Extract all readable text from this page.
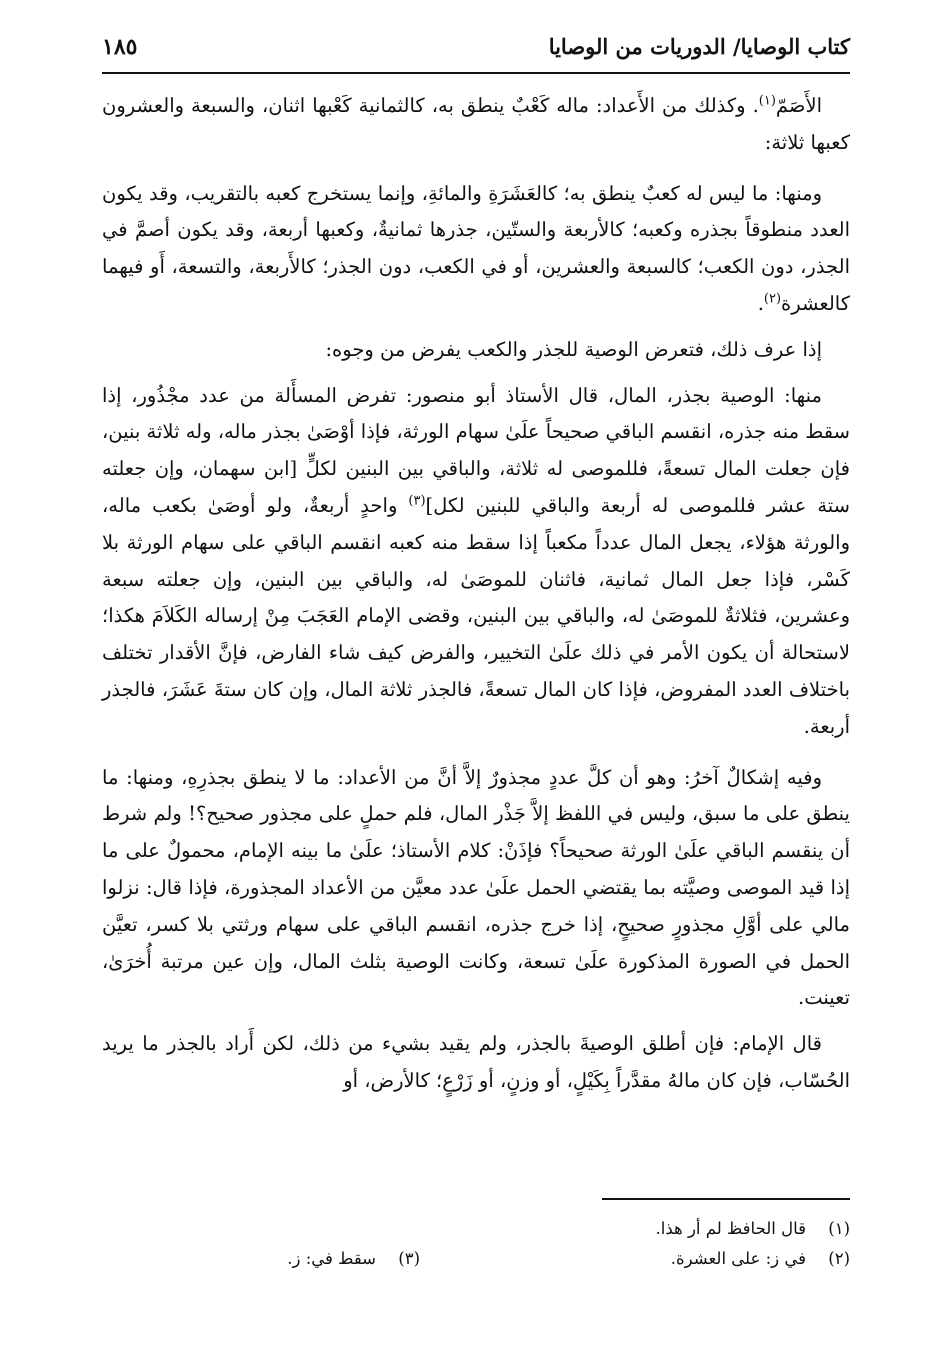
كتاب الوصايا/ الدوريات من الوصايا
١٨٥

الأَصَمّ$^{(١)}$. وكذلك من الأَعداد: ماله كَعْبٌ ينطق به، كالثمانية كَعْبها اثنان، والسبعة والعشرون كعبها ثلاثة:

ومنها: ما ليس له كعبٌ ينطق به؛ كالعَشَرَةِ والمائةِ، وإنما يستخرج كعبه بالتقريب، وقد يكون العدد منطوقاً بجذره وكعبه؛ كالأربعة والستّين، جذرها ثمانيةٌ، وكعبها أربعة، وقد يكون أصمَّ في الجذر، دون الكعب؛ كالسبعة والعشرين، أو في الكعب، دون الجذر؛ كالأَربعة، والتسعة، أَو فيهما كالعشرة$^{(٢)}$.

إذا عرف ذلك، فتعرض الوصية للجذر والكعب يفرض من وجوه:

منها: الوصية بجذر، المال، قال الأستاذ أبو منصور: تفرض المسأَلة من عدد مجْذُور، إذا سقط منه جذره، انقسم الباقي صحيحاً علَىٰ سهام الورثة، فإذا أوْصَىٰ بجذر ماله، وله ثلاثة بنين، فإن جعلت المال تسعةً، فللموصى له ثلاثة، والباقي بين البنين لكلٍّ [ابن سهمان، وإن جعلته ستة عشر فللموصى له أربعة والباقي للبنين لكل]$^{(٣)}$ واحدٍ أربعةٌ، ولو أوصَىٰ بكعب ماله، والورثة هؤلاء، يجعل المال عدداً مكعباً إذا سقط منه كعبه انقسم الباقي على سهام الورثة بلا كَسْر، فإذا جعل المال ثمانية، فاثنان للموصَىٰ له، والباقي بين البنين، وإن جعلته سبعة وعشرين، فثلاثةٌ للموصَىٰ له، والباقي بين البنين، وقضى الإمام العَجَبَ مِنْ إرساله الكَلاَمَ هكذا؛ لاستحالة أن يكون الأمر في ذلك علَىٰ التخيير، والفرض كيف شاء الفارض، فإنَّ الأقدار تختلف باختلاف العدد المفروض، فإذا كان المال تسعةً، فالجذر ثلاثة المال، وإن كان ستةَ عَشَرَ، فالجذر أربعة.

وفيه إشكالٌ آخرُ: وهو أن كلَّ عددٍ مجذورٌ إلاَّ أنَّ من الأعداد: ما لا ينطق بجذرِهِ، ومنها: ما ينطق على ما سبق، وليس في اللفظ إلاَّ جَذْر المال، فلم حملٍ على مجذور صحيح؟! ولم شرط أن ينقسم الباقي علَىٰ الورثة صحيحاً؟ فإذَنْ: كلام الأستاذ؛ علَىٰ ما بينه الإمام، محمولٌ على ما إذا قيد الموصى وصيَّته بما يقتضي الحمل علَىٰ عدد معيَّن من الأعداد المجذورة، فإذا قال: نزلوا مالي على أوَّلِ مجذورٍ صحيحٍ، إذا خرج جذره، انقسم الباقي على سهام ورثتي بلا كسر، تعيَّن الحمل في الصورة المذكورة علَىٰ تسعة، وكانت الوصية بثلث المال، وإن عين مرتبة أُخرَىٰ، تعينت.

قال الإمام: فإن أطلق الوصيةَ بالجذر، ولم يقيد بشيء من ذلك، لكن أَراد بالجذر ما يريد الحُسّاب، فإن كان مالهُ مقدَّراً بِكَيْلٍ، أو وزنٍ، أو زَرْعٍ؛ كالأرض، أو

(١)قال الحافظ لم أر هذا.
(٢)في ز: على العشرة.
(٣)سقط في: ز.
